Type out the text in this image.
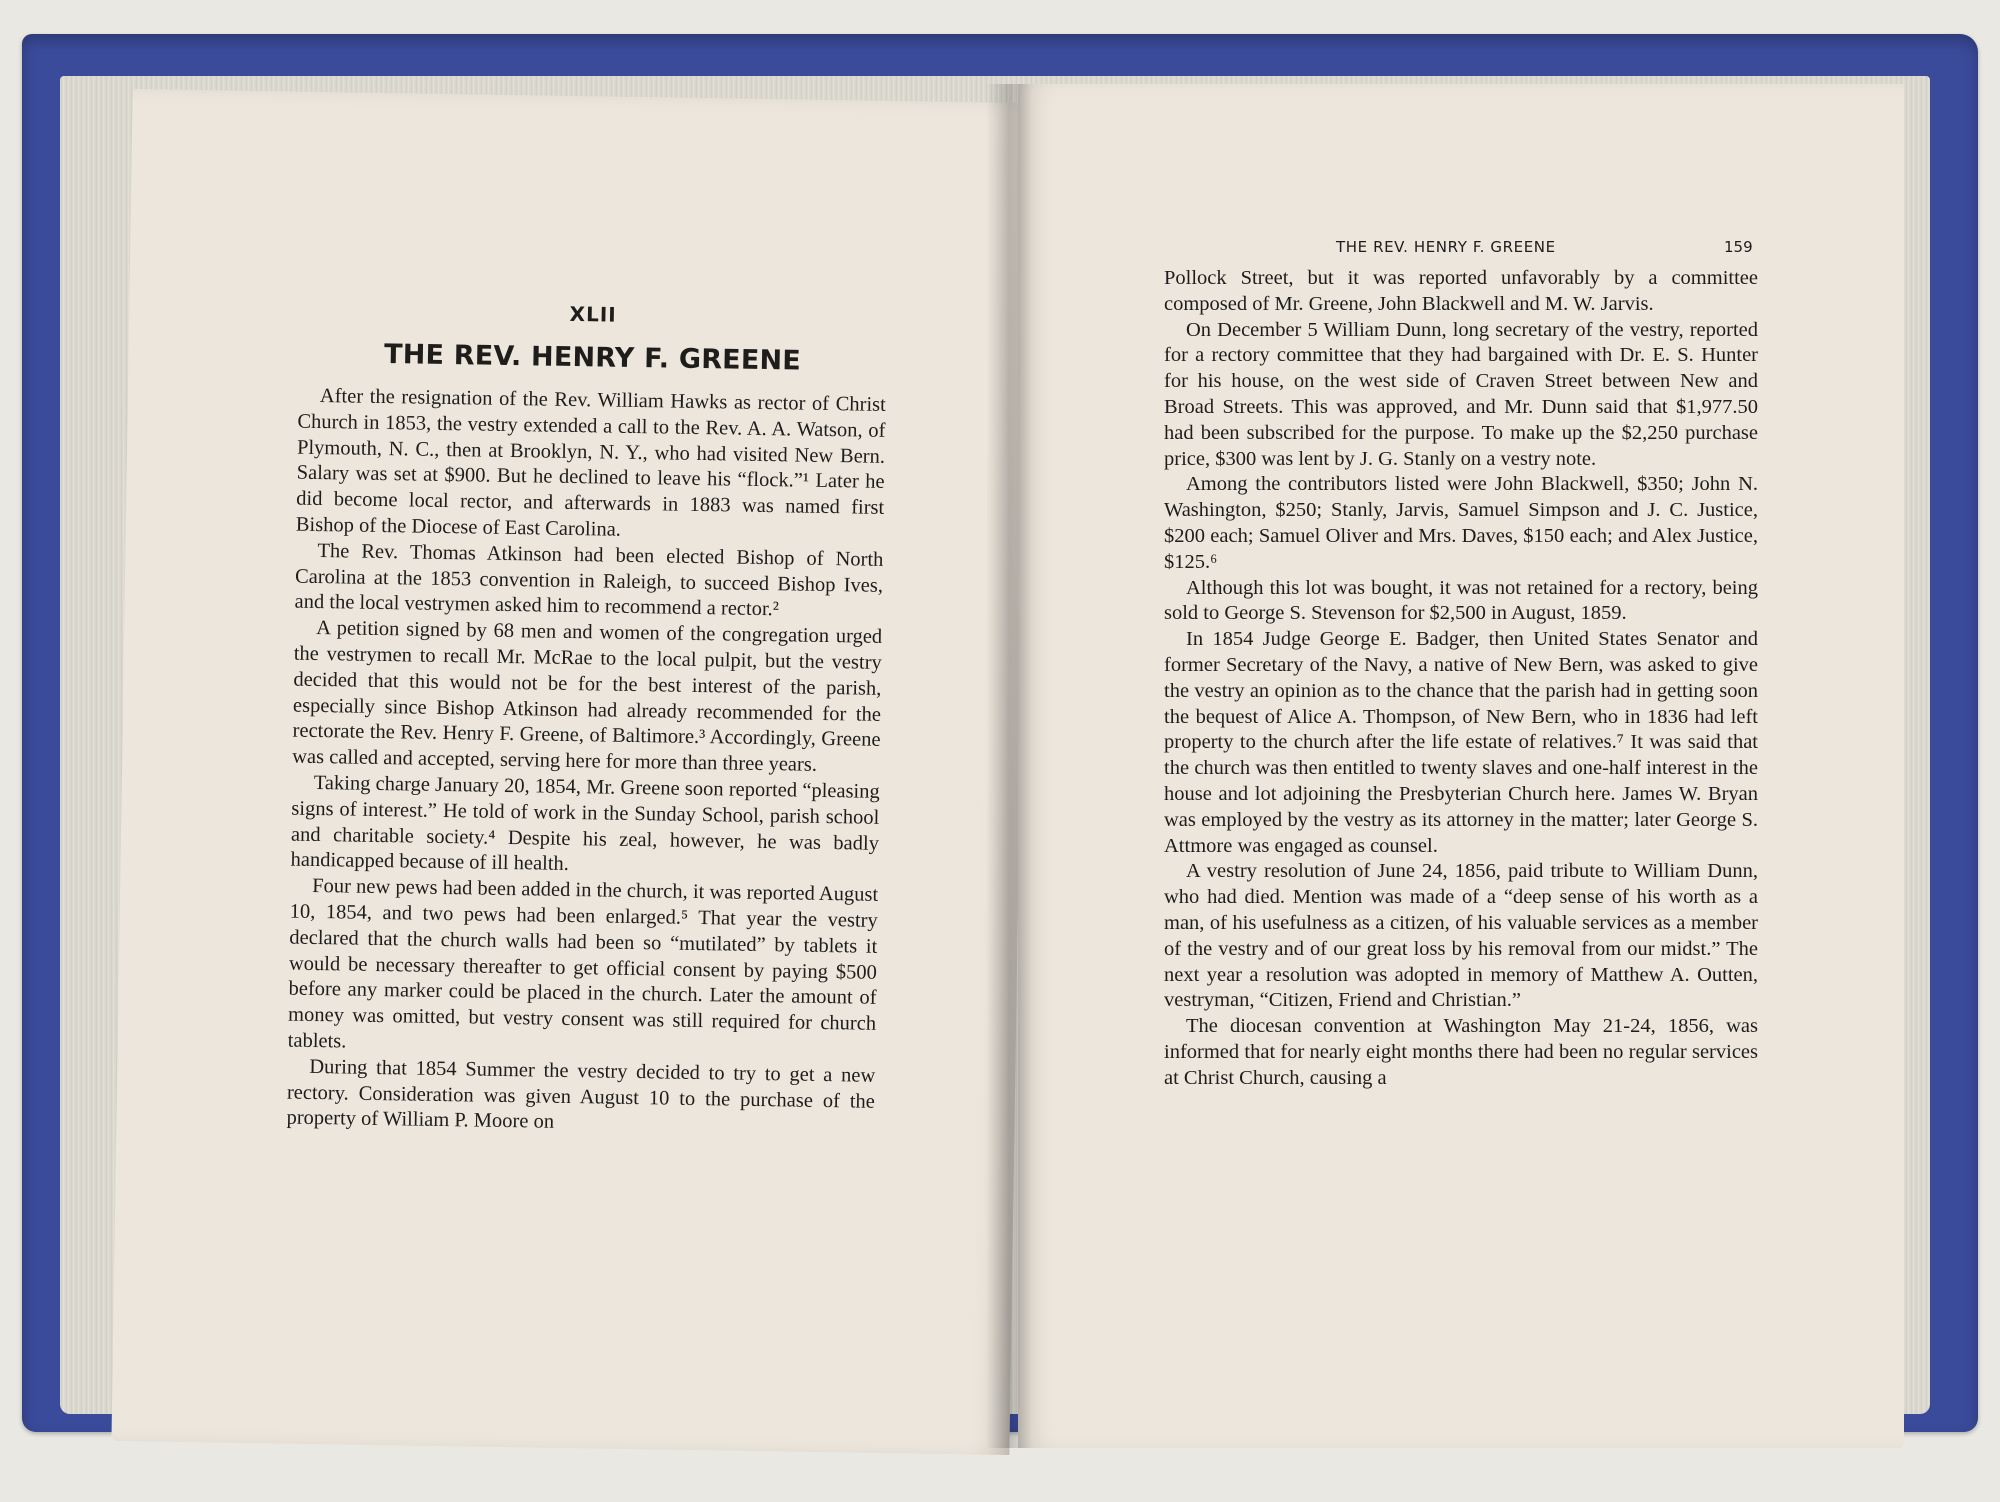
XLII
THE REV. HENRY F. GREENE

After the resignation of the Rev. William Hawks as rector of Christ Church in 1853, the vestry extended a call to the Rev. A. A. Watson, of Plymouth, N. C., then at Brooklyn, N. Y., who had visited New Bern. Salary was set at $900. But he declined to leave his “flock.”¹ Later he did become local rector, and afterwards in 1883 was named first Bishop of the Diocese of East Carolina.

The Rev. Thomas Atkinson had been elected Bishop of North Carolina at the 1853 convention in Raleigh, to succeed Bishop Ives, and the local vestrymen asked him to recommend a rector.²

A petition signed by 68 men and women of the congregation urged the vestrymen to recall Mr. McRae to the local pulpit, but the vestry decided that this would not be for the best interest of the parish, especially since Bishop Atkinson had already recommended for the rectorate the Rev. Henry F. Greene, of Baltimore.³ Accordingly, Greene was called and accepted, serving here for more than three years.

Taking charge January 20, 1854, Mr. Greene soon reported “pleasing signs of interest.” He told of work in the Sunday School, parish school and charitable society.⁴ Despite his zeal, however, he was badly handicapped because of ill health.

Four new pews had been added in the church, it was reported August 10, 1854, and two pews had been enlarged.⁵ That year the vestry declared that the church walls had been so “mutilated” by tablets it would be necessary thereafter to get official consent by paying $500 before any marker could be placed in the church. Later the amount of money was omitted, but vestry consent was still required for church tablets.

During that 1854 Summer the vestry decided to try to get a new rectory. Consideration was given August 10 to the purchase of the property of William P. Moore on

THE REV. HENRY F. GREENE	159

Pollock Street, but it was reported unfavorably by a committee composed of Mr. Greene, John Blackwell and M. W. Jarvis.

On December 5 William Dunn, long secretary of the vestry, reported for a rectory committee that they had bargained with Dr. E. S. Hunter for his house, on the west side of Craven Street between New and Broad Streets. This was approved, and Mr. Dunn said that $1,977.50 had been subscribed for the purpose. To make up the $2,250 purchase price, $300 was lent by J. G. Stanly on a vestry note.

Among the contributors listed were John Blackwell, $350; John N. Washington, $250; Stanly, Jarvis, Samuel Simpson and J. C. Justice, $200 each; Samuel Oliver and Mrs. Daves, $150 each; and Alex Justice, $125.⁶

Although this lot was bought, it was not retained for a rectory, being sold to George S. Stevenson for $2,500 in August, 1859.

In 1854 Judge George E. Badger, then United States Senator and former Secretary of the Navy, a native of New Bern, was asked to give the vestry an opinion as to the chance that the parish had in getting soon the bequest of Alice A. Thompson, of New Bern, who in 1836 had left property to the church after the life estate of relatives.⁷ It was said that the church was then entitled to twenty slaves and one-half interest in the house and lot adjoining the Presbyterian Church here. James W. Bryan was employed by the vestry as its attorney in the matter; later George S. Attmore was engaged as counsel.

A vestry resolution of June 24, 1856, paid tribute to William Dunn, who had died. Mention was made of a “deep sense of his worth as a man, of his usefulness as a citizen, of his valuable services as a member of the vestry and of our great loss by his removal from our midst.” The next year a resolution was adopted in memory of Matthew A. Outten, vestryman, “Citizen, Friend and Christian.”

The diocesan convention at Washington May 21-24, 1856, was informed that for nearly eight months there had been no regular services at Christ Church, causing a
